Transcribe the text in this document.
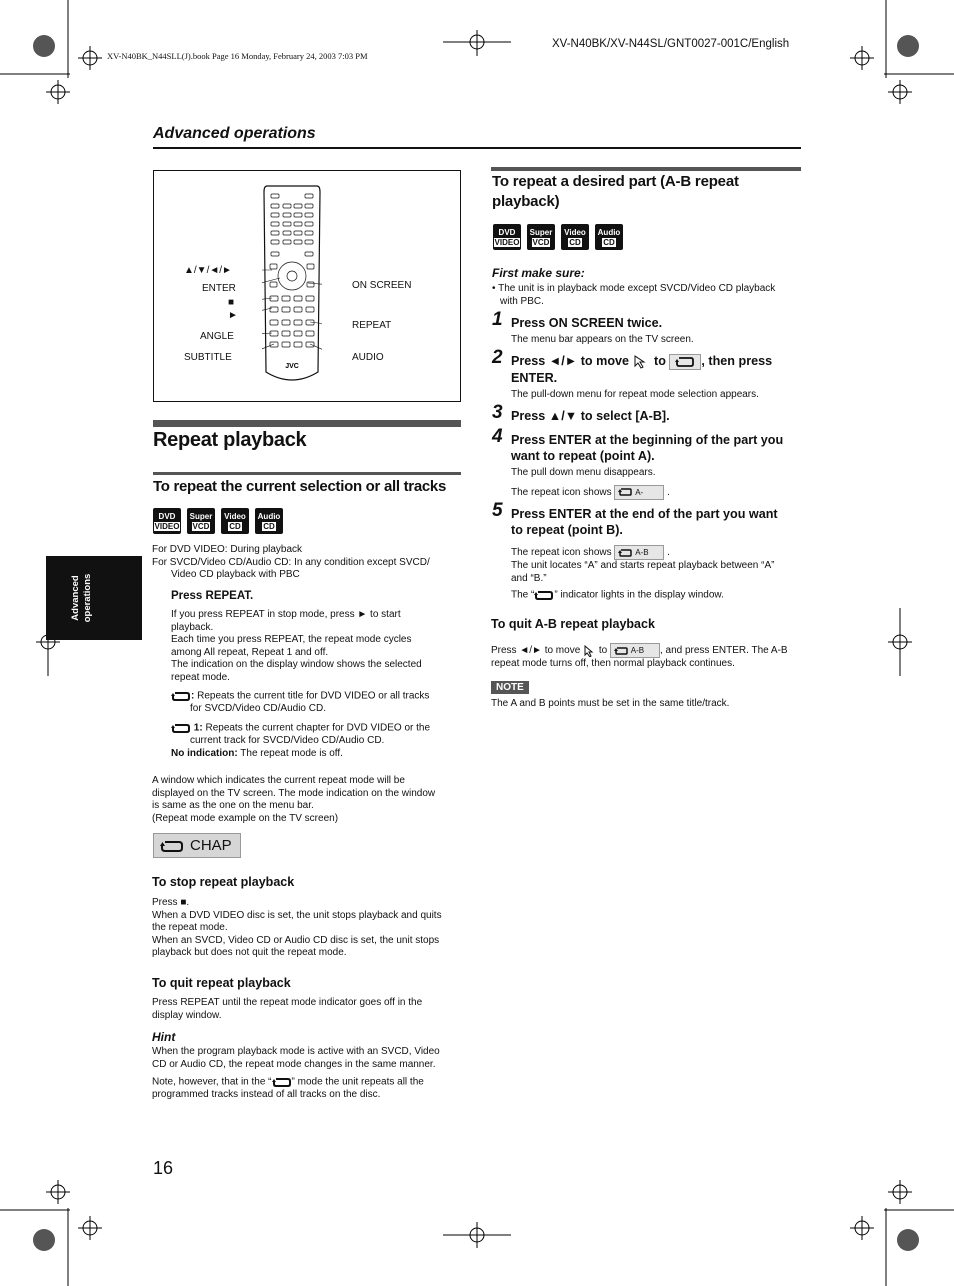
XV-N40BK_N44SLL(J).book Page 16 Monday, February 24, 2003 7:03 PM
XV-N40BK/XV-N44SL/GNT0027-001C/English
Advanced operations
Advanced operations
JVC
▲/▼/◄/►
ENTER
■
►
ANGLE
SUBTITLE
ON SCREEN
REPEAT
AUDIO
Repeat playback
To repeat the current selection or all tracks
DVD
VIDEO
Super
VCD
Video
CD
Audio
CD
For DVD VIDEO: During playback
For SVCD/Video CD/Audio CD: In any condition except SVCD/
Video CD playback with PBC
Press REPEAT.
If you press REPEAT in stop mode, press ► to start
playback.
Each time you press REPEAT, the repeat mode cycles
among All repeat, Repeat 1 and off.
The indication on the display window shows the selected
repeat mode.
: Repeats the current title for DVD VIDEO or all tracks
for SVCD/Video CD/Audio CD.
1: Repeats the current chapter for DVD VIDEO or the
current track for SVCD/Video CD/Audio CD.
No indication: The repeat mode is off.
A window which indicates the current repeat mode will be
displayed on the TV screen. The mode indication on the window
is same as the one on the menu bar.
(Repeat mode example on the TV screen)
CHAP
To stop repeat playback
Press ■.
When a DVD VIDEO disc is set, the unit stops playback and quits
the repeat mode.
When an SVCD, Video CD or Audio CD disc is set, the unit stops
playback but does not quit the repeat mode.
To quit repeat playback
Press REPEAT until the repeat mode indicator goes off in the
display window.
Hint
When the program playback mode is active with an SVCD, Video
CD or Audio CD, the repeat mode changes in the same manner.
Note, however, that in the “ ” mode the unit repeats all the
programmed tracks instead of all tracks on the disc.
To repeat a desired part (A-B repeat
playback)
DVD
VIDEO
Super
VCD
Video
CD
Audio
CD
First make sure:
• The unit is in playback mode except SVCD/Video CD playback
with PBC.
1 Press ON SCREEN twice.
The menu bar appears on the TV screen.
2 Press ◄/► to move to	, then press
ENTER.
The pull-down menu for repeat mode selection appears.
3 Press ▲/▼ to select [A-B].
4 Press ENTER at the beginning of the part you
want to repeat (point A).
The pull down menu disappears.
The repeat icon shows	A- .
5 Press ENTER at the end of the part you want
to repeat (point B).
The repeat icon shows	A-B .
The unit locates “A” and starts repeat playback between “A”
and “B.”
The “ ” indicator lights in the display window.
To quit A-B repeat playback
Press ◄/► to move to	A-B , and press ENTER. The A-B
repeat mode turns off, then normal playback continues.
NOTE
The A and B points must be set in the same title/track.
16
